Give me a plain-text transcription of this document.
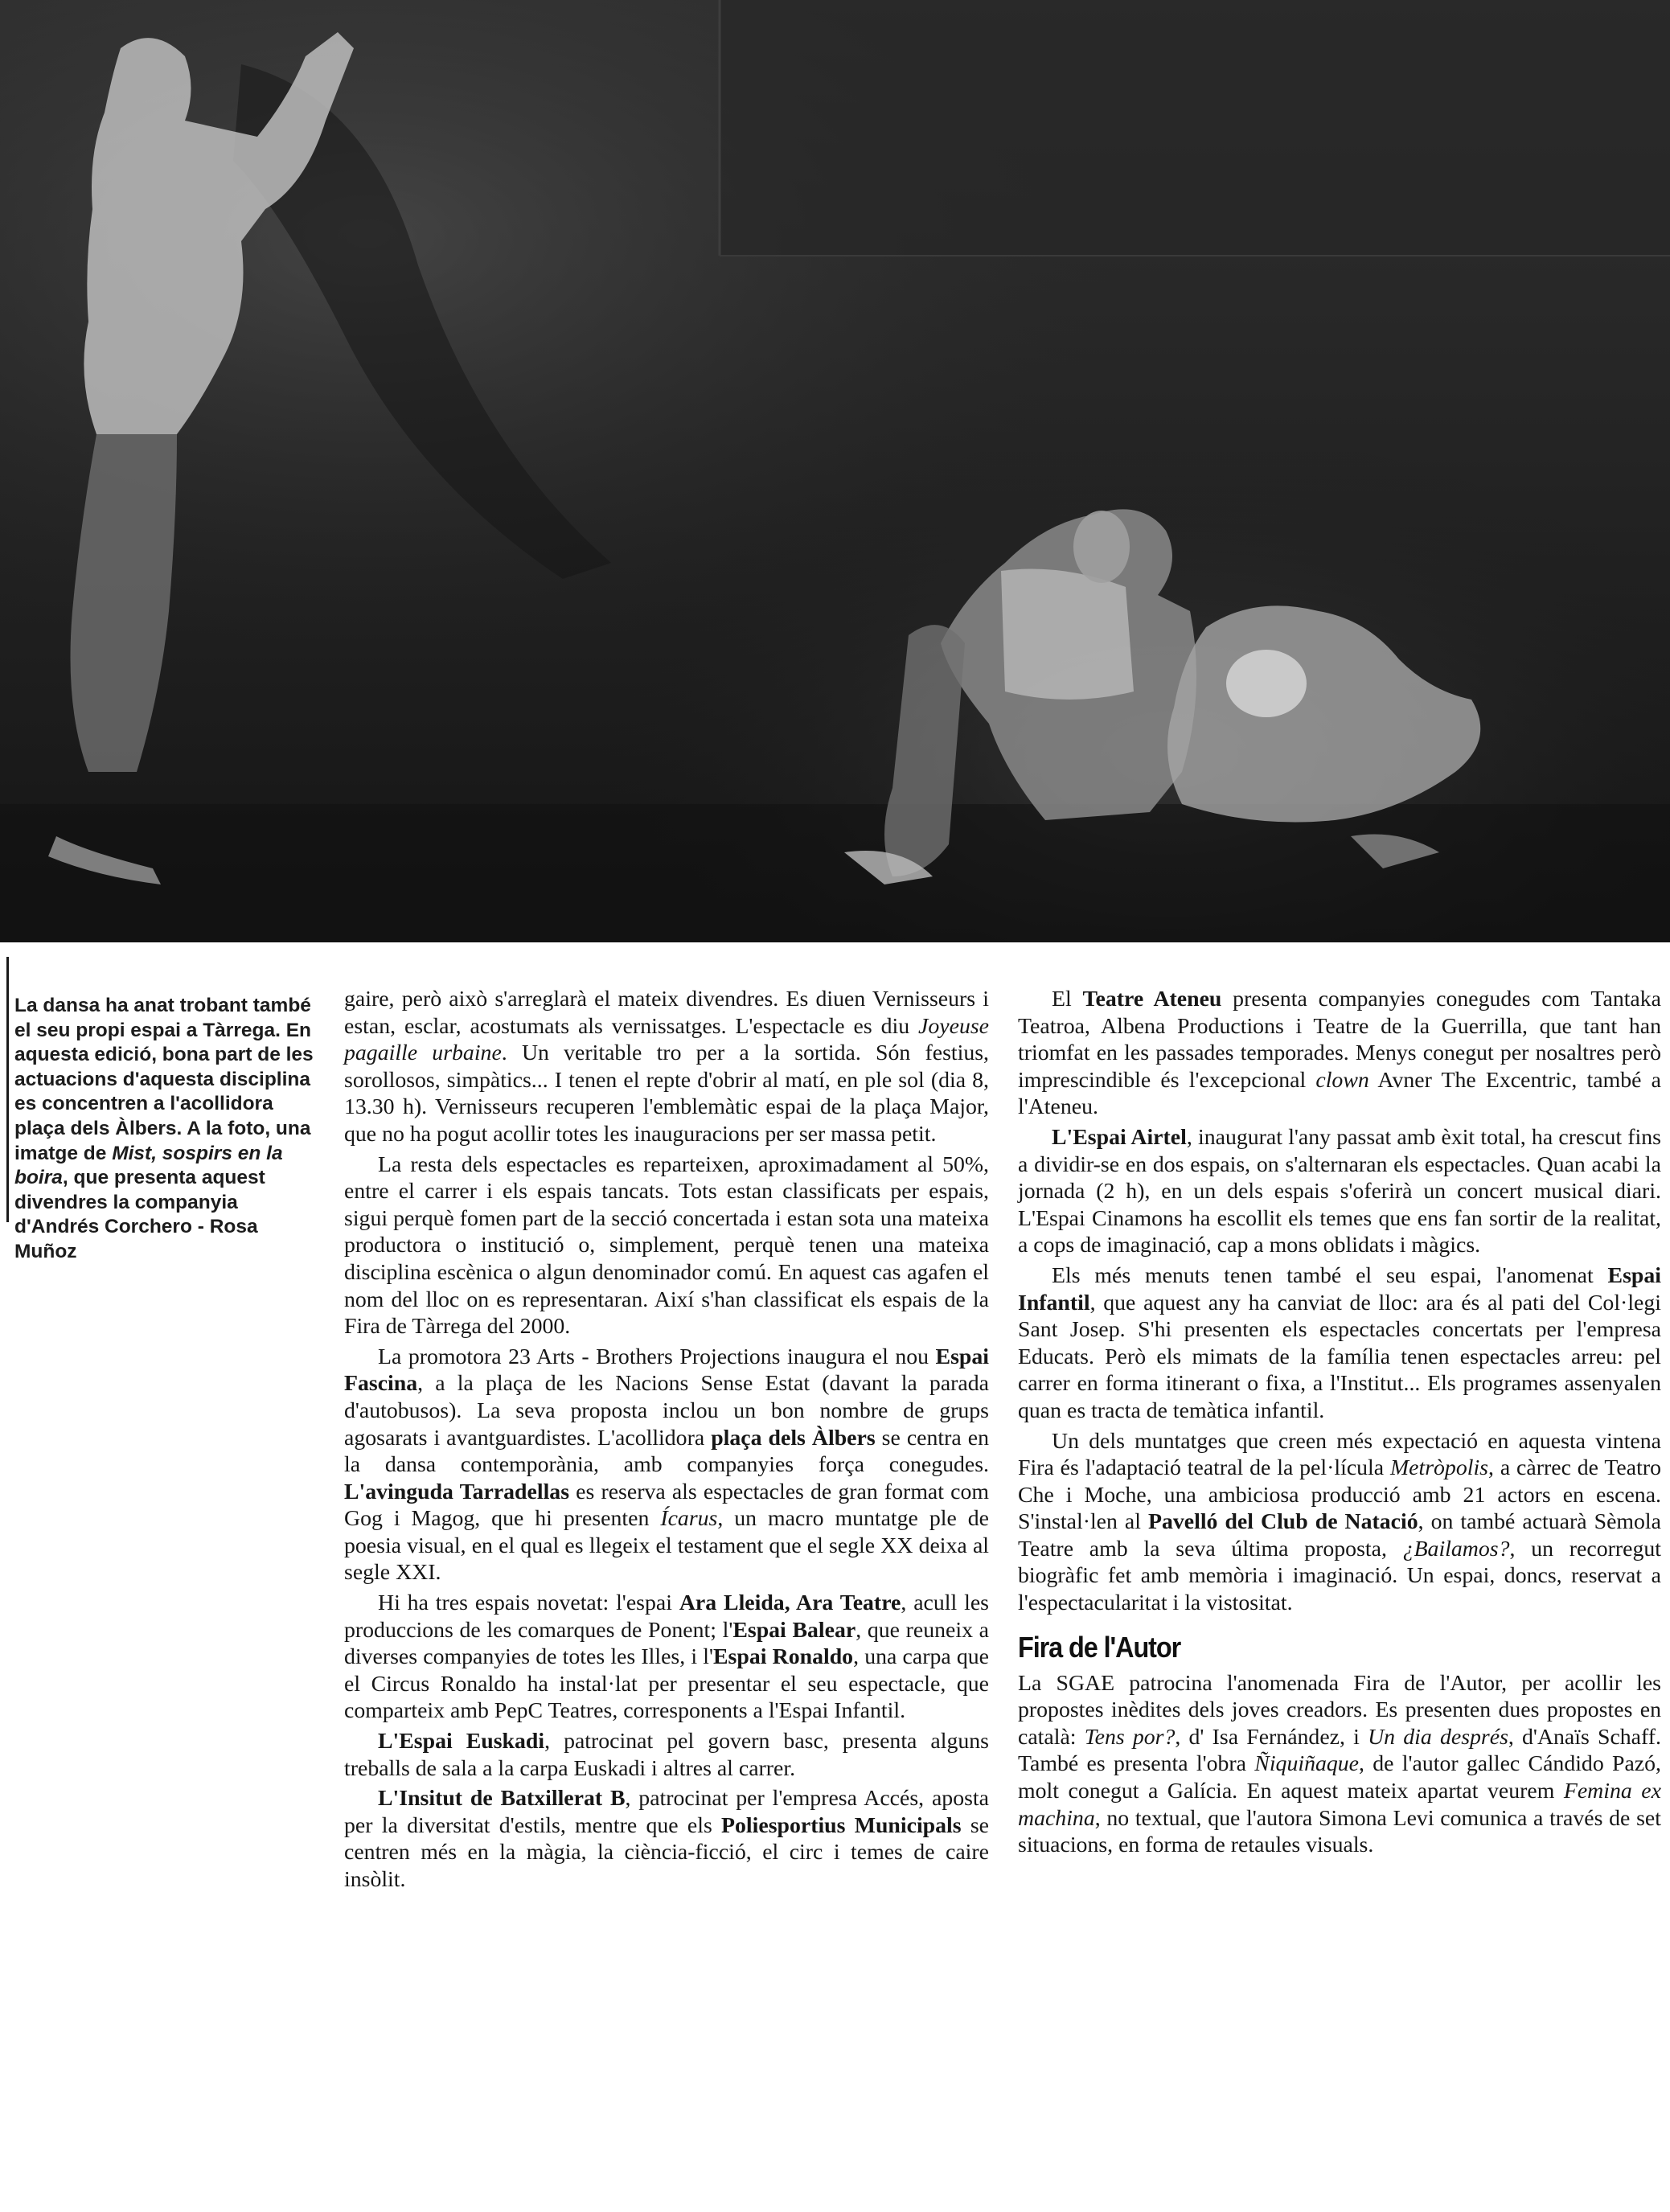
La dansa ha anat trobant també el seu propi espai a Tàrrega. En aquesta edició, bona part de les actuacions d'aquesta disciplina es concentren a l'acollidora plaça dels Àlbers. A la foto, una imatge de Mist, sospirs en la boira, que presenta aquest divendres la companyia d'Andrés Corchero - Rosa Muñoz

gaire, però això s'arreglarà el mateix divendres. Es diuen Vernisseurs i estan, esclar, acostumats als vernissatges. L'espectacle es diu Joyeuse pagaille urbaine. Un veritable tro per a la sortida. Són festius, sorollosos, simpàtics... I tenen el repte d'obrir al matí, en ple sol (dia 8, 13.30 h). Vernisseurs recuperen l'emblemàtic espai de la plaça Major, que no ha pogut acollir totes les inauguracions per ser massa petit.

La resta dels espectacles es reparteixen, aproximadament al 50%, entre el carrer i els espais tancats. Tots estan classificats per espais, sigui perquè fomen part de la secció concertada i estan sota una mateixa productora o institució o, simplement, perquè tenen una mateixa disciplina escènica o algun denominador comú. En aquest cas agafen el nom del lloc on es representaran. Així s'han classificat els espais de la Fira de Tàrrega del 2000.

La promotora 23 Arts - Brothers Projections inaugura el nou Espai Fascina, a la plaça de les Nacions Sense Estat (davant la parada d'autobusos). La seva proposta inclou un bon nombre de grups agosarats i avantguardistes. L'acollidora plaça dels Àlbers se centra en la dansa contemporània, amb companyies força conegudes. L'avinguda Tarradellas es reserva als espectacles de gran format com Gog i Magog, que hi presenten Ícarus, un macro muntatge ple de poesia visual, en el qual es llegeix el testament que el segle XX deixa al segle XXI.

Hi ha tres espais novetat: l'espai Ara Lleida, Ara Teatre, acull les produccions de les comarques de Ponent; l'Espai Balear, que reuneix a diverses companyies de totes les Illes, i l'Espai Ronaldo, una carpa que el Circus Ronaldo ha instal·lat per presentar el seu espectacle, que comparteix amb PepC Teatres, corresponents a l'Espai Infantil.

L'Espai Euskadi, patrocinat pel govern basc, presenta alguns treballs de sala a la carpa Euskadi i altres al carrer.

L'Insitut de Batxillerat B, patrocinat per l'empresa Accés, aposta per la diversitat d'estils, mentre que els Poliesportius Municipals se centren més en la màgia, la ciència-ficció, el circ i temes de caire insòlit.

El Teatre Ateneu presenta companyies conegudes com Tantaka Teatroa, Albena Productions i Teatre de la Guerrilla, que tant han triomfat en les passades temporades. Menys conegut per nosaltres però imprescindible és l'excepcional clown Avner The Excentric, també a l'Ateneu.

L'Espai Airtel, inaugurat l'any passat amb èxit total, ha crescut fins a dividir-se en dos espais, on s'alternaran els espectacles. Quan acabi la jornada (2 h), en un dels espais s'oferirà un concert musical diari. L'Espai Cinamons ha escollit els temes que ens fan sortir de la realitat, a cops de imaginació, cap a mons oblidats i màgics.

Els més menuts tenen també el seu espai, l'anomenat Espai Infantil, que aquest any ha canviat de lloc: ara és al pati del Col·legi Sant Josep. S'hi presenten els espectacles concertats per l'empresa Educats. Però els mimats de la família tenen espectacles arreu: pel carrer en forma itinerant o fixa, a l'Institut... Els programes assenyalen quan es tracta de temàtica infantil.

Un dels muntatges que creen més expectació en aquesta vintena Fira és l'adaptació teatral de la pel·lícula Metròpolis, a càrrec de Teatro Che i Moche, una ambiciosa producció amb 21 actors en escena. S'instal·len al Pavelló del Club de Natació, on també actuarà Sèmola Teatre amb la seva última proposta, ¿Bailamos?, un recorregut biogràfic fet amb memòria i imaginació. Un espai, doncs, reservat a l'espectacularitat i la vistositat.

Fira de l'Autor

La SGAE patrocina l'anomenada Fira de l'Autor, per acollir les propostes inèdites dels joves creadors. Es presenten dues propostes en català: Tens por?, d' Isa Fernández, i Un dia després, d'Anaïs Schaff. També es presenta l'obra Ñiquiñaque, de l'autor gallec Cándido Pazó, molt conegut a Galícia. En aquest mateix apartat veurem Femina ex machina, no textual, que l'autora Simona Levi comunica a través de set situacions, en forma de retaules visuals.
